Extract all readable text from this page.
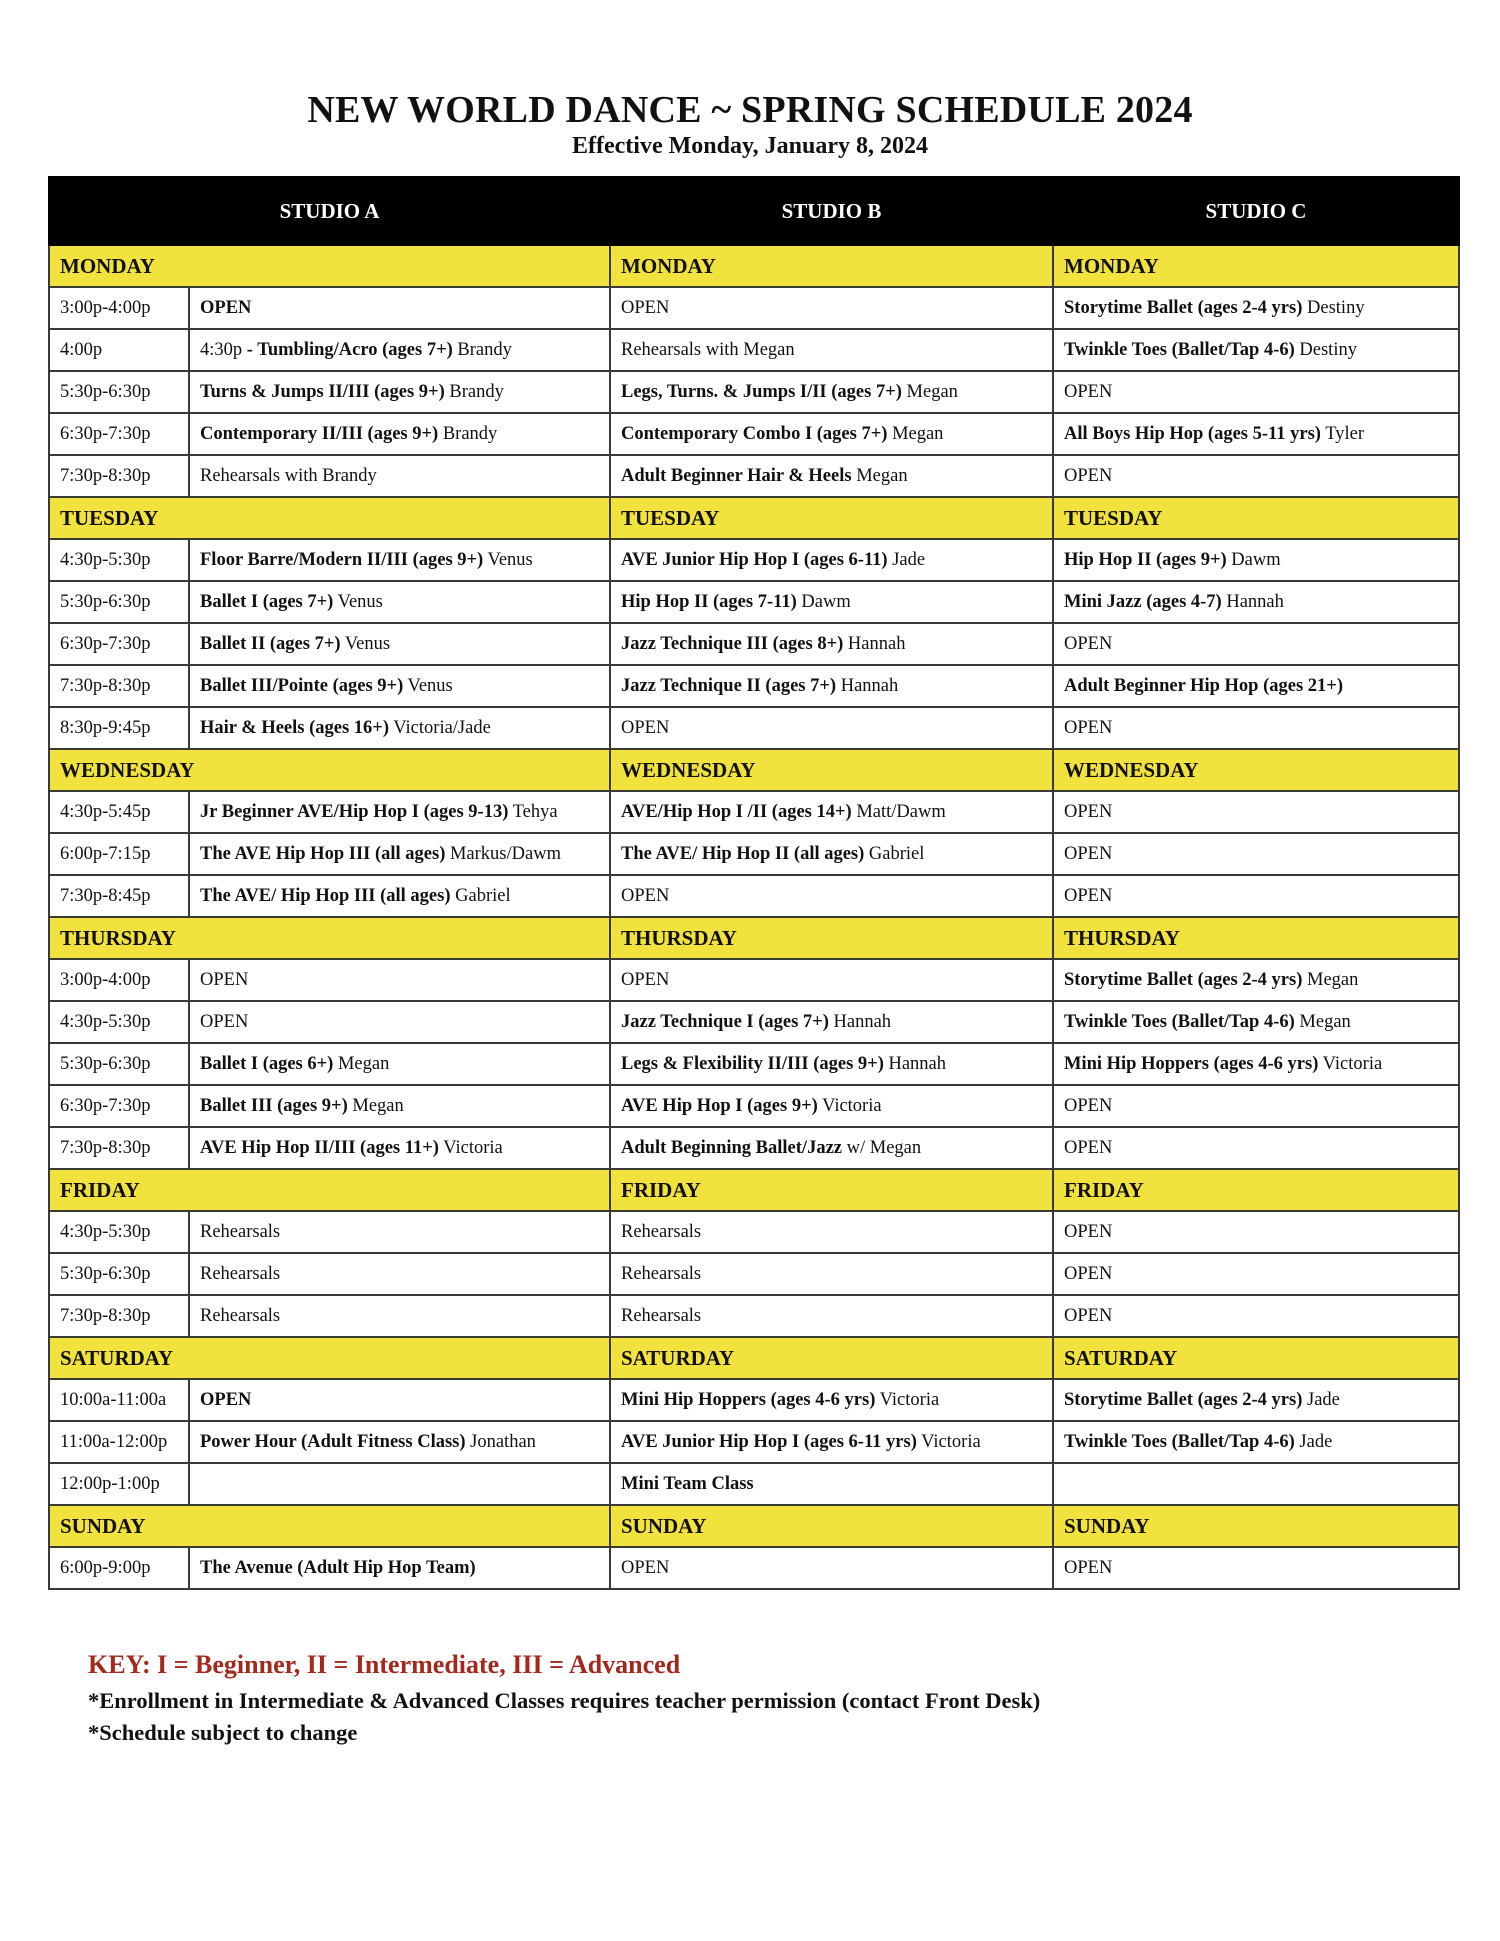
NEW WORLD DANCE ~ SPRING SCHEDULE 2024
Effective Monday, January 8, 2024
STUDIO A		STUDIO B	STUDIO C
MONDAY		MONDAY	MONDAY
3:00p-4:00p	OPEN	OPEN	Storytime Ballet (ages 2-4 yrs) Destiny
4:00p	4:30p - Tumbling/Acro (ages 7+) Brandy	Rehearsals with Megan	Twinkle Toes (Ballet/Tap 4-6) Destiny
5:30p-6:30p	Turns & Jumps II/III (ages 9+) Brandy	Legs, Turns. & Jumps I/II (ages 7+) Megan	OPEN
6:30p-7:30p	Contemporary II/III (ages 9+) Brandy	Contemporary Combo I (ages 7+) Megan	All Boys Hip Hop (ages 5-11 yrs) Tyler
7:30p-8:30p	Rehearsals with Brandy	Adult Beginner Hair & Heels Megan	OPEN
TUESDAY		TUESDAY	TUESDAY
4:30p-5:30p	Floor Barre/Modern II/III (ages 9+) Venus	AVE Junior Hip Hop I (ages 6-11) Jade	Hip Hop II (ages 9+) Dawm
5:30p-6:30p	Ballet I (ages 7+) Venus	Hip Hop II (ages 7-11) Dawm	Mini Jazz (ages 4-7) Hannah
6:30p-7:30p	Ballet II (ages 7+) Venus	Jazz Technique III (ages 8+) Hannah	OPEN
7:30p-8:30p	Ballet III/Pointe (ages 9+) Venus	Jazz Technique II (ages 7+) Hannah	Adult Beginner Hip Hop (ages 21+)
8:30p-9:45p	Hair & Heels (ages 16+) Victoria/Jade	OPEN	OPEN
WEDNESDAY		WEDNESDAY	WEDNESDAY
4:30p-5:45p	Jr Beginner AVE/Hip Hop I (ages 9-13) Tehya	AVE/Hip Hop I /II (ages 14+) Matt/Dawm	OPEN
6:00p-7:15p	The AVE Hip Hop III (all ages) Markus/Dawm	The AVE/ Hip Hop II (all ages) Gabriel	OPEN
7:30p-8:45p	The AVE/ Hip Hop III (all ages) Gabriel	OPEN	OPEN
THURSDAY		THURSDAY	THURSDAY
3:00p-4:00p	OPEN	OPEN	Storytime Ballet (ages 2-4 yrs) Megan
4:30p-5:30p	OPEN	Jazz Technique I (ages 7+) Hannah	Twinkle Toes (Ballet/Tap 4-6) Megan
5:30p-6:30p	Ballet I (ages 6+) Megan	Legs & Flexibility II/III (ages 9+) Hannah	Mini Hip Hoppers (ages 4-6 yrs) Victoria
6:30p-7:30p	Ballet III (ages 9+) Megan	AVE Hip Hop I (ages 9+) Victoria	OPEN
7:30p-8:30p	AVE Hip Hop II/III (ages 11+) Victoria	Adult Beginning Ballet/Jazz w/ Megan	OPEN
FRIDAY		FRIDAY	FRIDAY
4:30p-5:30p	Rehearsals	Rehearsals	OPEN
5:30p-6:30p	Rehearsals	Rehearsals	OPEN
7:30p-8:30p	Rehearsals	Rehearsals	OPEN
SATURDAY		SATURDAY	SATURDAY
10:00a-11:00a	OPEN	Mini Hip Hoppers (ages 4-6 yrs) Victoria	Storytime Ballet (ages 2-4 yrs) Jade
11:00a-12:00p	Power Hour (Adult Fitness Class) Jonathan	AVE Junior Hip Hop I (ages 6-11 yrs) Victoria	Twinkle Toes (Ballet/Tap 4-6) Jade
12:00p-1:00p		Mini Team Class	
SUNDAY		SUNDAY	SUNDAY
6:00p-9:00p	The Avenue (Adult Hip Hop Team)	OPEN	OPEN
KEY: I = Beginner, II = Intermediate, III = Advanced
*Enrollment in Intermediate & Advanced Classes requires teacher permission (contact Front Desk)
*Schedule subject to change
